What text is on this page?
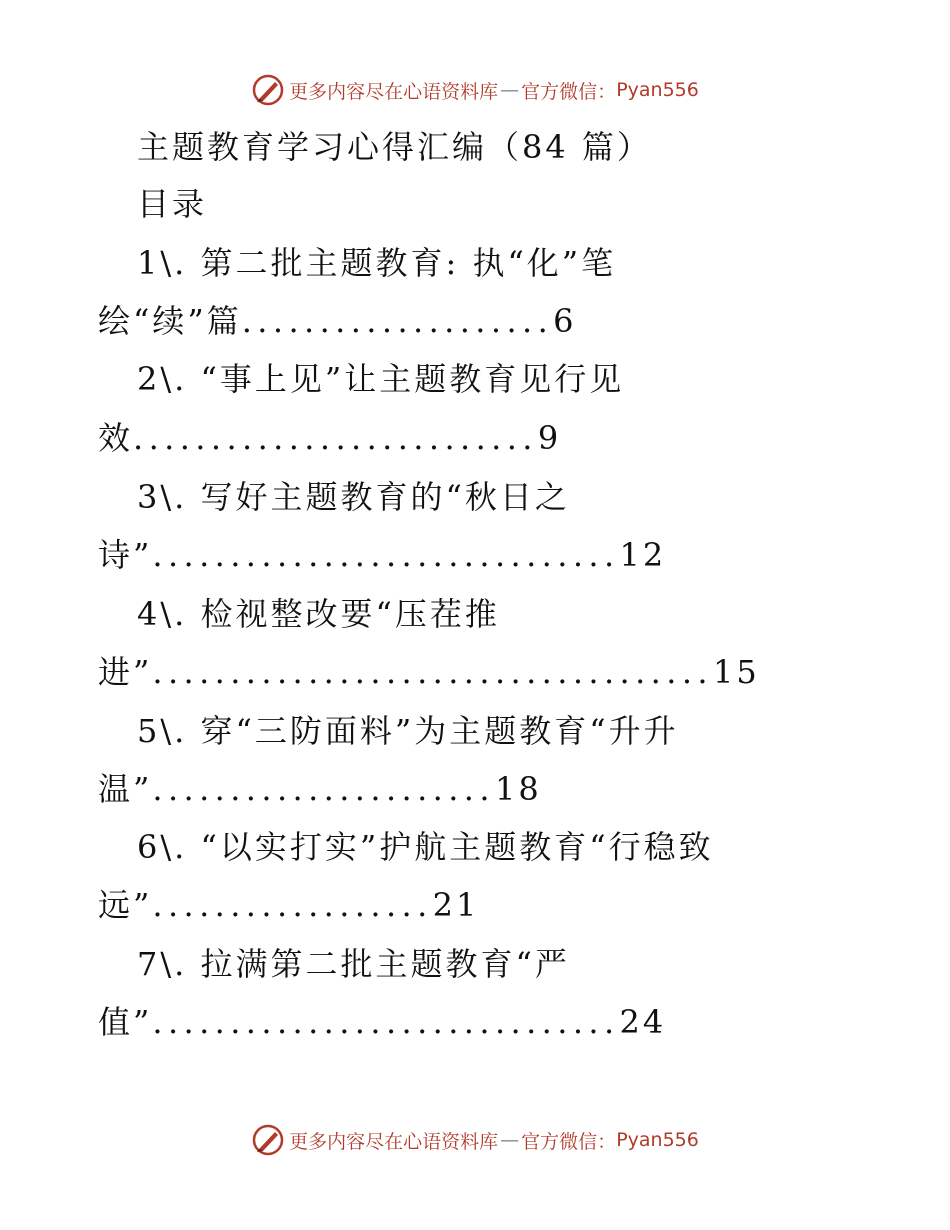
更多内容尽在心语资料库 — 官方微信： Pyan556
主题教育学习心得汇编（84 篇）
目录
1\. 第二批主题教育: 执“化”笔
绘“续”篇....................6
2\. “事上见”让主题教育见行见
效..........................9
3\. 写好主题教育的“秋日之
诗”..............................12
4\. 检视整改要“压茬推
进”....................................15
5\. 穿“三防面料”为主题教育“升升
温”......................18
6\. “以实打实”护航主题教育“行稳致
远”..................21
7\. 拉满第二批主题教育“严
值”..............................24
更多内容尽在心语资料库 — 官方微信： Pyan556
